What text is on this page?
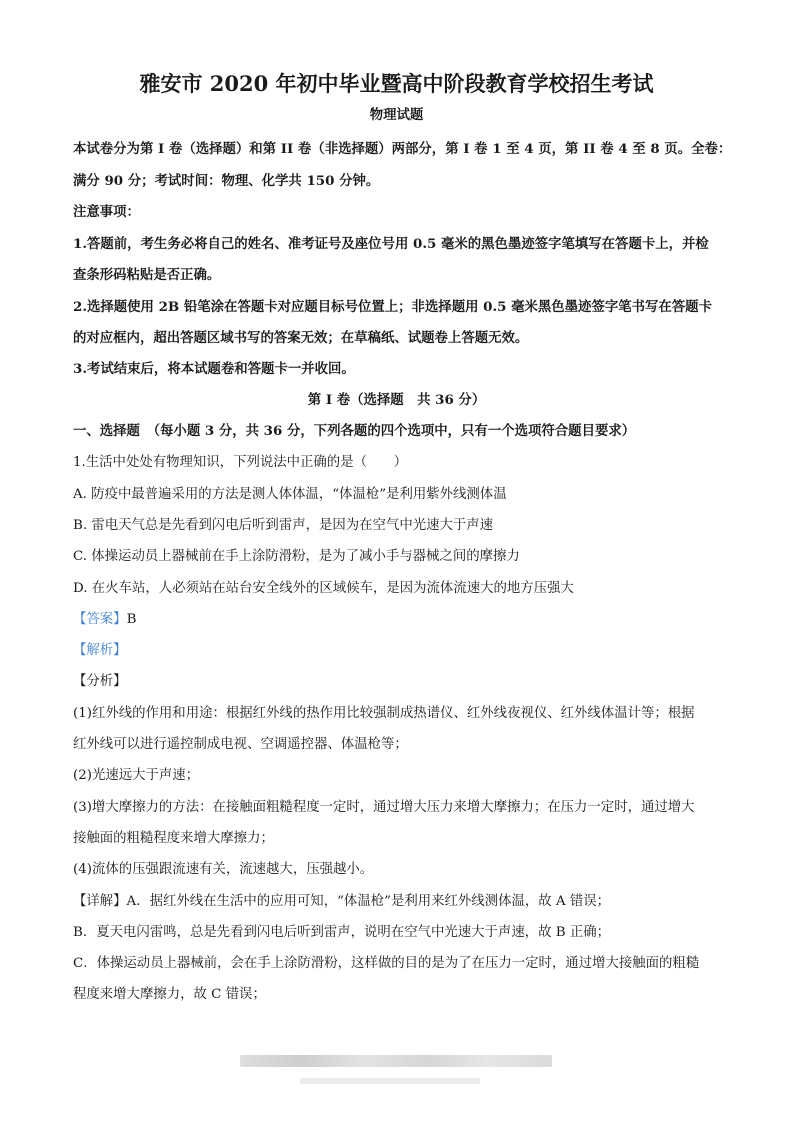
雅安市 2020 年初中毕业暨高中阶段教育学校招生考试
物理试题
本试卷分为第 I 卷（选择题）和第 II 卷（非选择题）两部分，第 I 卷 1 至 4 页，第 II 卷 4 至 8 页。全卷：
满分 90 分；考试时间：物理、化学共 150 分钟。
注意事项：
1.答题前，考生务必将自己的姓名、准考证号及座位号用 0.5 毫米的黑色墨迹签字笔填写在答题卡上，并检
查条形码粘贴是否正确。
2.选择题使用 2B 铅笔涂在答题卡对应题目标号位置上；非选择题用 0.5 毫米黑色墨迹签字笔书写在答题卡
的对应框内，超出答题区域书写的答案无效；在草稿纸、试题卷上答题无效。
3.考试结束后，将本试题卷和答题卡一并收回。
第 I 卷（选择题　共 36 分）
一、选择题　（每小题 3 分，共 36 分，下列各题的四个选项中，只有一个选项符合题目要求）
1.生活中处处有物理知识，下列说法中正确的是（　　）
A. 防疫中最普遍采用的方法是测人体体温，“体温枪”是利用紫外线测体温
B. 雷电天气总是先看到闪电后听到雷声，是因为在空气中光速大于声速
C. 体操运动员上器械前在手上涂防滑粉，是为了减小手与器械之间的摩擦力
D. 在火车站，人必须站在站台安全线外的区域候车，是因为流体流速大的地方压强大
【答案】B
【解析】
【分析】
(1)红外线的作用和用途：根据红外线的热作用比较强制成热谱仪、红外线夜视仪、红外线体温计等；根据
红外线可以进行遥控制成电视、空调遥控器、体温枪等；
(2)光速远大于声速；
(3)增大摩擦力的方法：在接触面粗糙程度一定时，通过增大压力来增大摩擦力；在压力一定时，通过增大
接触面的粗糙程度来增大摩擦力；
(4)流体的压强跟流速有关，流速越大，压强越小。
【详解】A．据红外线在生活中的应用可知，“体温枪”是利用来红外线测体温，故 A 错误；
B．夏天电闪雷鸣，总是先看到闪电后听到雷声，说明在空气中光速大于声速，故 B 正确；
C．体操运动员上器械前，会在手上涂防滑粉，这样做的目的是为了在压力一定时，通过增大接触面的粗糙
程度来增大摩擦力，故 C 错误；
